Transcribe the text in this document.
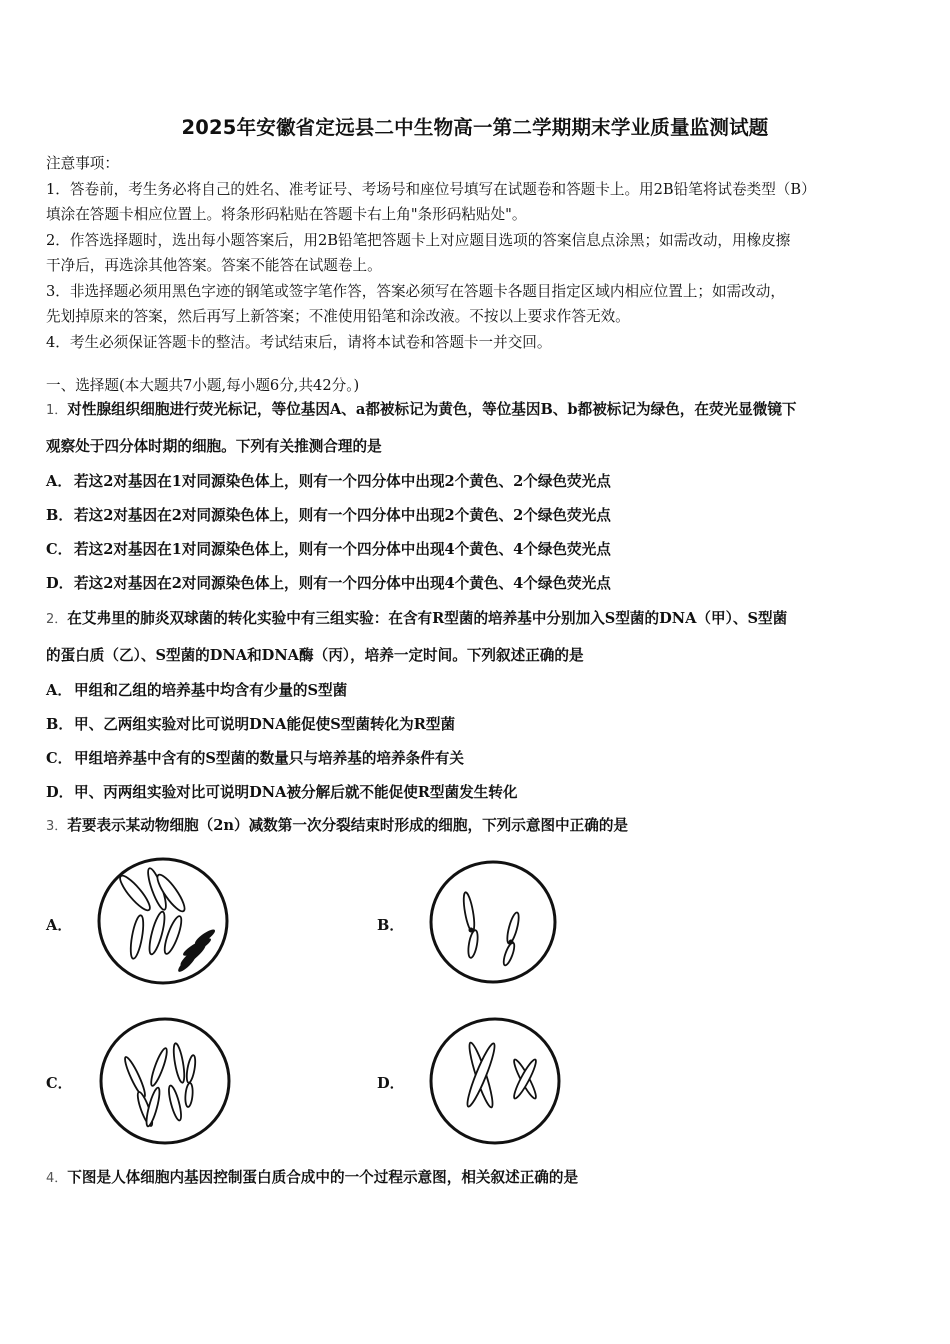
2025年安徽省定远县二中生物高一第二学期期末学业质量监测试题

注意事项：

1．答卷前，考生务必将自己的姓名、准考证号、考场号和座位号填写在试题卷和答题卡上。用2B铅笔将试卷类型（B）

填涂在答题卡相应位置上。将条形码粘贴在答题卡右上角"条形码粘贴处"。

2．作答选择题时，选出每小题答案后，用2B铅笔把答题卡上对应题目选项的答案信息点涂黑；如需改动，用橡皮擦

干净后，再选涂其他答案。答案不能答在试题卷上。

3．非选择题必须用黑色字迹的钢笔或签字笔作答，答案必须写在答题卡各题目指定区域内相应位置上；如需改动，

先划掉原来的答案，然后再写上新答案；不准使用铅笔和涂改液。不按以上要求作答无效。

4．考生必须保证答题卡的整洁。考试结束后，请将本试卷和答题卡一并交回。

一、选择题(本大题共7小题,每小题6分,共42分。)

1．对性腺组织细胞进行荧光标记，等位基因A、a都被标记为黄色，等位基因B、b都被标记为绿色，在荧光显微镜下

观察处于四分体时期的细胞。下列有关推测合理的是

A． 若这2对基因在1对同源染色体上，则有一个四分体中出现2个黄色、2个绿色荧光点
B．若这2对基因在2对同源染色体上，则有一个四分体中出现2个黄色、2个绿色荧光点
C． 若这2对基因在1对同源染色体上，则有一个四分体中出现4个黄色、4个绿色荧光点
D．若这2对基因在2对同源染色体上，则有一个四分体中出现4个黄色、4个绿色荧光点

2．在艾弗里的肺炎双球菌的转化实验中有三组实验：在含有R型菌的培养基中分别加入S型菌的DNA（甲）、S型菌

的蛋白质（乙）、S型菌的DNA和DNA酶（丙），培养一定时间。下列叙述正确的是

A． 甲组和乙组的培养基中均含有少量的S型菌
B．甲、乙两组实验对比可说明DNA能促使S型菌转化为R型菌
C． 甲组培养基中含有的S型菌的数量只与培养基的培养条件有关
D．甲、丙两组实验对比可说明DNA被分解后就不能促使R型菌发生转化

3．若要表示某动物细胞（2n）减数第一次分裂结束时形成的细胞，下列示意图中正确的是

A．	B．
C．	D．

4．下图是人体细胞内基因控制蛋白质合成中的一个过程示意图，相关叙述正确的是
